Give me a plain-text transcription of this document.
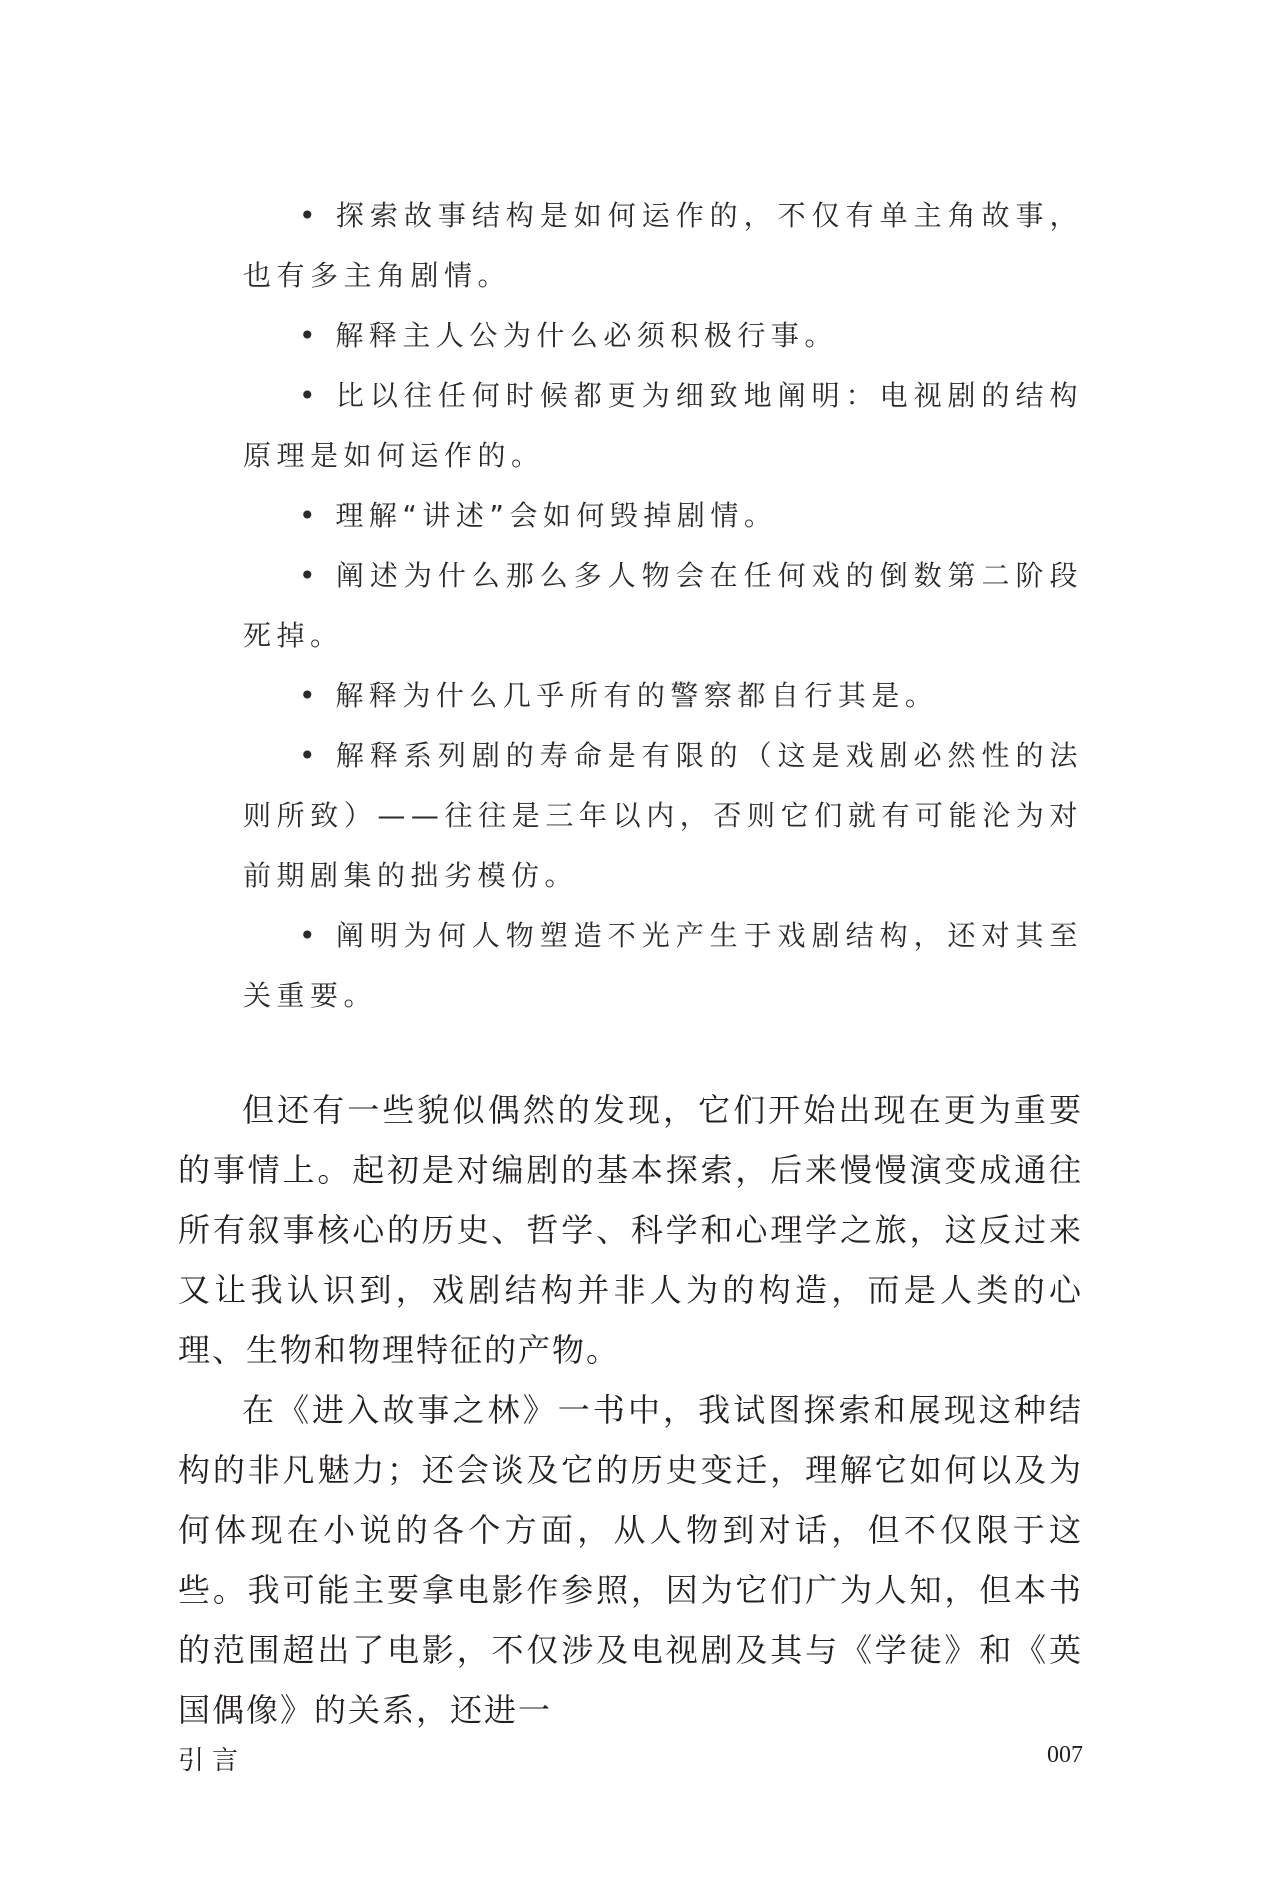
• 探索故事结构是如何运作的，不仅有单主角故事，也有多主角剧情。

• 解释主人公为什么必须积极行事。

• 比以往任何时候都更为细致地阐明：电视剧的结构原理是如何运作的。

• 理解“讲述”会如何毁掉剧情。

• 阐述为什么那么多人物会在任何戏的倒数第二阶段死掉。

• 解释为什么几乎所有的警察都自行其是。

• 解释系列剧的寿命是有限的（这是戏剧必然性的法则所致）——往往是三年以内，否则它们就有可能沦为对前期剧集的拙劣模仿。

• 阐明为何人物塑造不光产生于戏剧结构，还对其至关重要。

但还有一些貌似偶然的发现，它们开始出现在更为重要的事情上。起初是对编剧的基本探索，后来慢慢演变成通往所有叙事核心的历史、哲学、科学和心理学之旅，这反过来又让我认识到，戏剧结构并非人为的构造，而是人类的心理、生物和物理特征的产物。

在《进入故事之林》一书中，我试图探索和展现这种结构的非凡魅力；还会谈及它的历史变迁，理解它如何以及为何体现在小说的各个方面，从人物到对话，但不仅限于这些。我可能主要拿电影作参照，因为它们广为人知，但本书的范围超出了电影，不仅涉及电视剧及其与《学徒》和《英国偶像》的关系，还进一

引言	007
